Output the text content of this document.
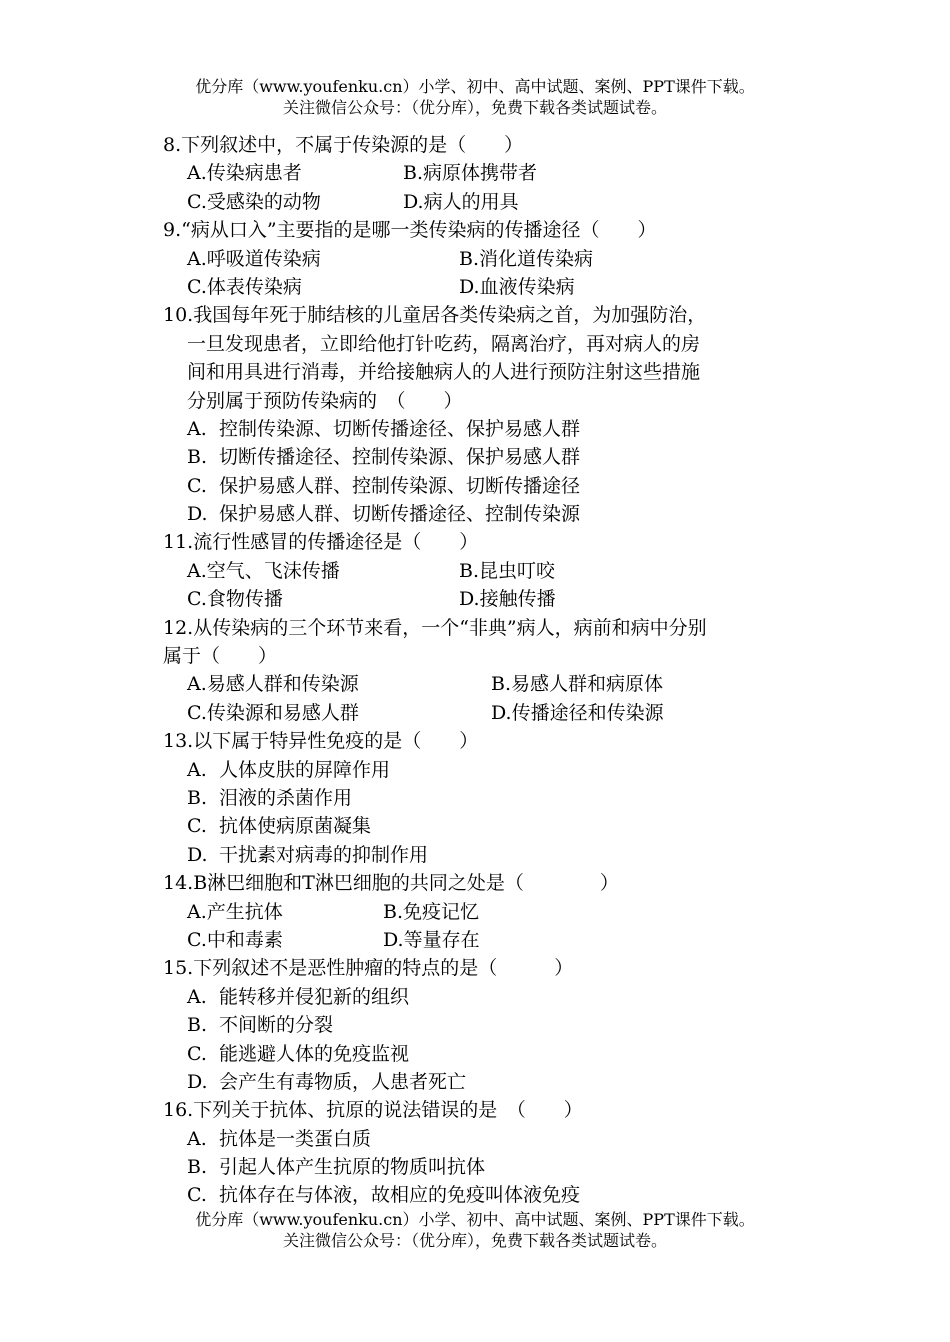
优分库（www.youfenku.cn）小学、初中、高中试题、案例、PPT课件下载。
关注微信公众号：（优分库），免费下载各类试题试卷。
8.下列叙述中，不属于传染源的是（　　）
A.传染病患者	B.病原体携带者
C.受感染的动物	D.病人的用具
9.“病从口入”主要指的是哪一类传染病的传播途径（　　）
A.呼吸道传染病	B.消化道传染病
C.体表传染病	D.血液传染病
10.我国每年死于肺结核的儿童居各类传染病之首，为加强防治，
一旦发现患者，立即给他打针吃药，隔离治疗，再对病人的房
间和用具进行消毒，并给接触病人的人进行预防注射这些措施
分别属于预防传染病的　（　　）
A. 控制传染源、切断传播途径、保护易感人群
B. 切断传播途径、控制传染源、保护易感人群
C. 保护易感人群、控制传染源、切断传播途径
D. 保护易感人群、切断传播途径、控制传染源
11.流行性感冒的传播途径是（　　）
A.空气、飞沫传播	B.昆虫叮咬
C.食物传播	D.接触传播
12.从传染病的三个环节来看，一个“非典”病人，病前和病中分别
属于（　　）
A.易感人群和传染源	B.易感人群和病原体
C.传染源和易感人群	D.传播途径和传染源
13.以下属于特异性免疫的是（　　）
A. 人体皮肤的屏障作用
B. 泪液的杀菌作用
C. 抗体使病原菌凝集
D. 干扰素对病毒的抑制作用
14.B淋巴细胞和T淋巴细胞的共同之处是（　　　　）
A.产生抗体	B.免疫记忆
C.中和毒素	D.等量存在
15.下列叙述不是恶性肿瘤的特点的是（　　　）
A. 能转移并侵犯新的组织
B. 不间断的分裂
C. 能逃避人体的免疫监视
D. 会产生有毒物质，人患者死亡
16.下列关于抗体、抗原的说法错误的是　（　　）
A. 抗体是一类蛋白质
B. 引起人体产生抗原的物质叫抗体
C. 抗体存在与体液，故相应的免疫叫体液免疫
优分库（www.youfenku.cn）小学、初中、高中试题、案例、PPT课件下载。
关注微信公众号：（优分库），免费下载各类试题试卷。
